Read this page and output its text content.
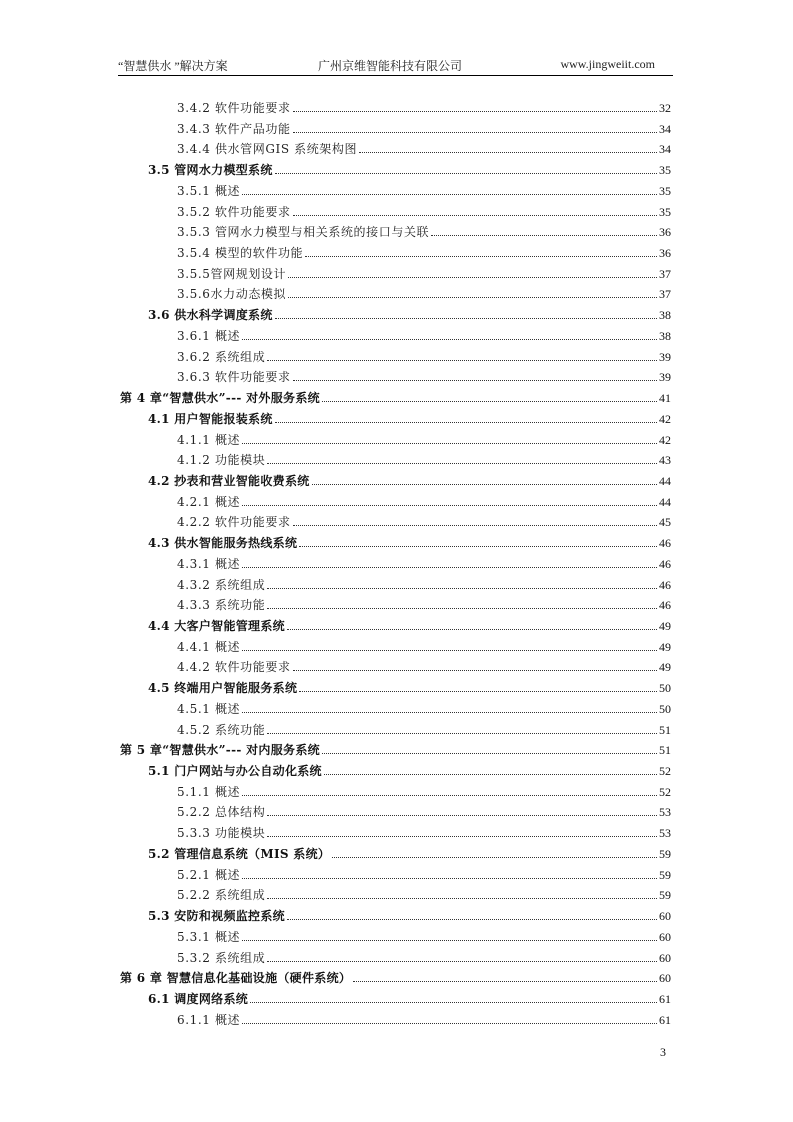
“智慧供水 ”解决方案	广州京维智能科技有限公司	www.jingweiit.com
3.4.2 软件功能要求	32
3.4.3 软件产品功能	34
3.4.4 供水管网GIS 系统架构图	34
3.5 管网水力模型系统	35
3.5.1 概述	35
3.5.2 软件功能要求	35
3.5.3 管网水力模型与相关系统的接口与关联	36
3.5.4 模型的软件功能	36
3.5.5管网规划设计	37
3.5.6水力动态模拟	37
3.6 供水科学调度系统	38
3.6.1 概述	38
3.6.2 系统组成	39
3.6.3 软件功能要求	39
第 4 章“智慧供水”--- 对外服务系统	41
4.1 用户智能报装系统	42
4.1.1 概述	42
4.1.2 功能模块	43
4.2 抄表和营业智能收费系统	44
4.2.1 概述	44
4.2.2 软件功能要求	45
4.3 供水智能服务热线系统	46
4.3.1 概述	46
4.3.2 系统组成	46
4.3.3 系统功能	46
4.4 大客户智能管理系统	49
4.4.1 概述	49
4.4.2 软件功能要求	49
4.5 终端用户智能服务系统	50
4.5.1 概述	50
4.5.2 系统功能	51
第 5 章“智慧供水”--- 对内服务系统	51
5.1 门户网站与办公自动化系统	52
5.1.1 概述	52
5.2.2 总体结构	53
5.3.3 功能模块	53
5.2 管理信息系统（MIS 系统）	59
5.2.1 概述	59
5.2.2 系统组成	59
5.3 安防和视频监控系统	60
5.3.1 概述	60
5.3.2 系统组成	60
第 6 章 智慧信息化基础设施（硬件系统）	60
6.1 调度网络系统	61
6.1.1 概述	61
3
